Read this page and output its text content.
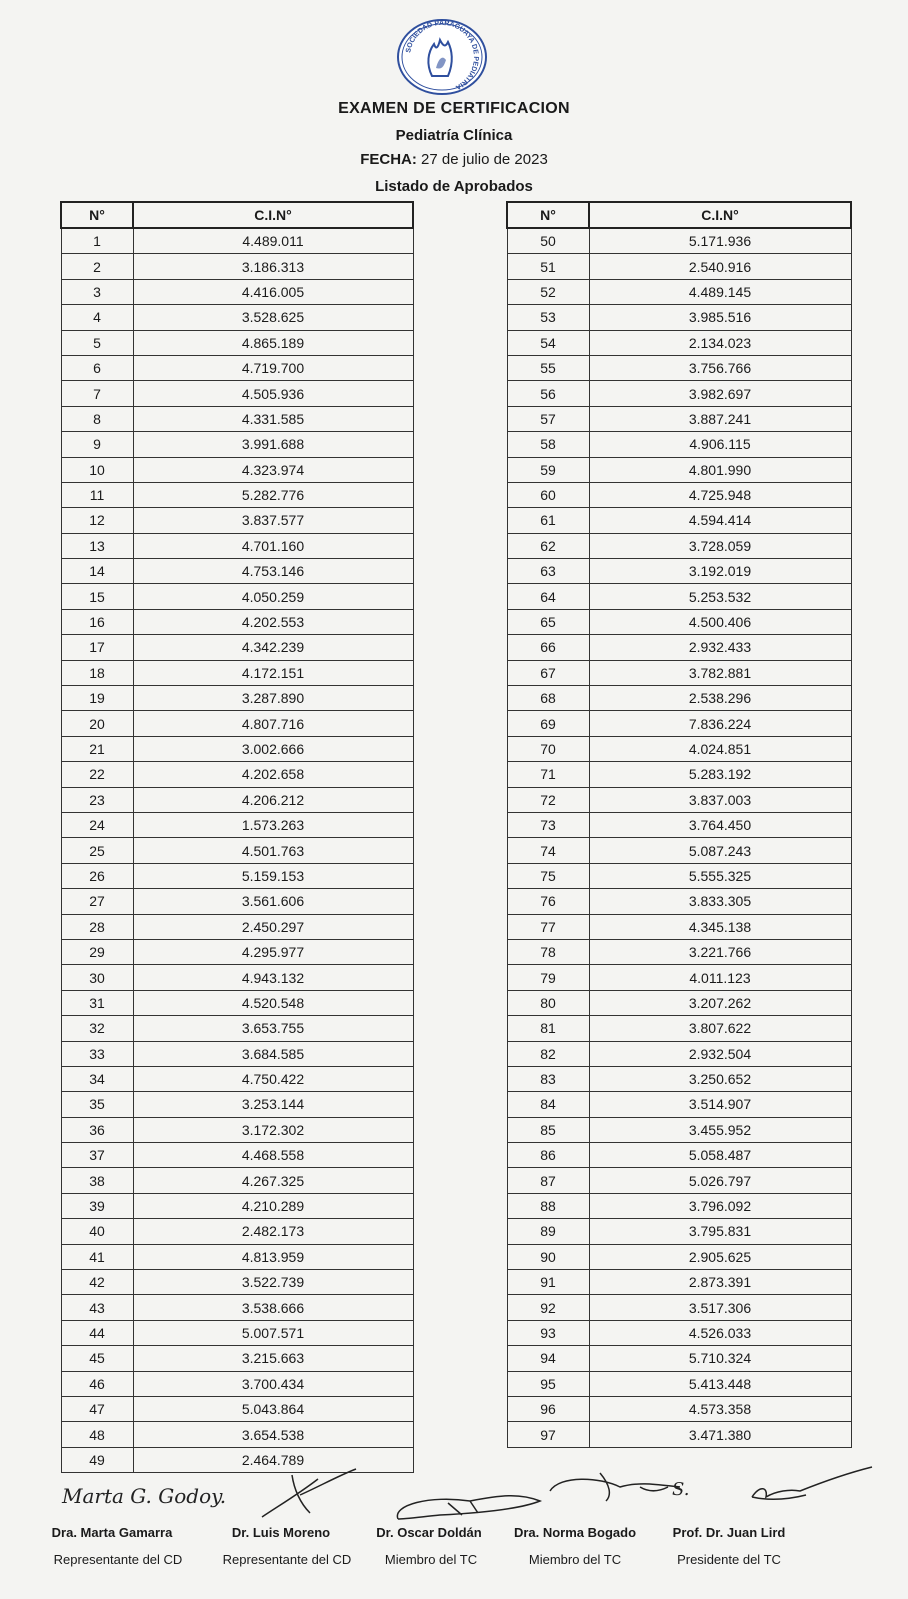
SOCIEDAD PARAGUAYA DE PEDIATRIA
EXAMEN DE CERTIFICACION
Pediatría Clínica
FECHA: 27 de julio de 2023
Listado de Aprobados
N°	C.I.N°
1	4.489.011
2	3.186.313
3	4.416.005
4	3.528.625
5	4.865.189
6	4.719.700
7	4.505.936
8	4.331.585
9	3.991.688
10	4.323.974
11	5.282.776
12	3.837.577
13	4.701.160
14	4.753.146
15	4.050.259
16	4.202.553
17	4.342.239
18	4.172.151
19	3.287.890
20	4.807.716
21	3.002.666
22	4.202.658
23	4.206.212
24	1.573.263
25	4.501.763
26	5.159.153
27	3.561.606
28	2.450.297
29	4.295.977
30	4.943.132
31	4.520.548
32	3.653.755
33	3.684.585
34	4.750.422
35	3.253.144
36	3.172.302
37	4.468.558
38	4.267.325
39	4.210.289
40	2.482.173
41	4.813.959
42	3.522.739
43	3.538.666
44	5.007.571
45	3.215.663
46	3.700.434
47	5.043.864
48	3.654.538
49	2.464.789
N°	C.I.N°
50	5.171.936
51	2.540.916
52	4.489.145
53	3.985.516
54	2.134.023
55	3.756.766
56	3.982.697
57	3.887.241
58	4.906.115
59	4.801.990
60	4.725.948
61	4.594.414
62	3.728.059
63	3.192.019
64	5.253.532
65	4.500.406
66	2.932.433
67	3.782.881
68	2.538.296
69	7.836.224
70	4.024.851
71	5.283.192
72	3.837.003
73	3.764.450
74	5.087.243
75	5.555.325
76	3.833.305
77	4.345.138
78	3.221.766
79	4.011.123
80	3.207.262
81	3.807.622
82	2.932.504
83	3.250.652
84	3.514.907
85	3.455.952
86	5.058.487
87	5.026.797
88	3.796.092
89	3.795.831
90	2.905.625
91	2.873.391
92	3.517.306
93	4.526.033
94	5.710.324
95	5.413.448
96	4.573.358
97	3.471.380
Marta G. Godoy.	S.
Dra. Marta Gamarra
Representante del CD
Dr. Luis Moreno
Representante del CD
Dr. Oscar Doldán
Miembro del TC
Dra. Norma Bogado
Miembro del TC
Prof. Dr. Juan Lird
Presidente del TC
